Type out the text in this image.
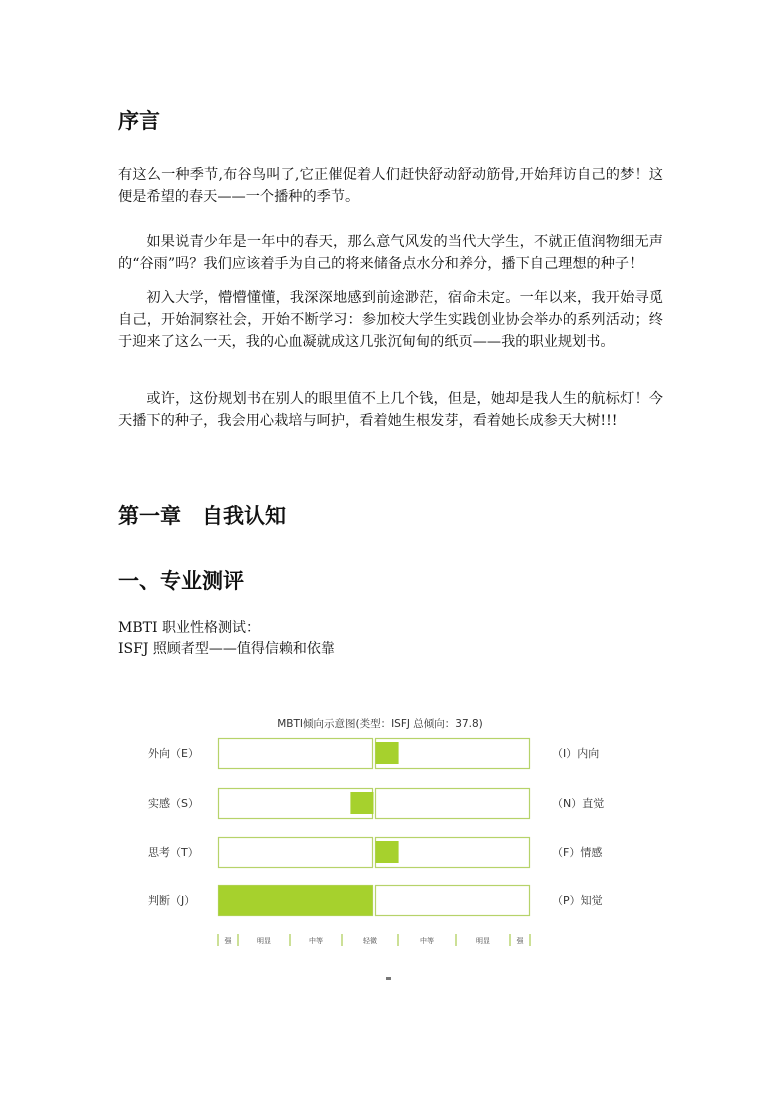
序言

有这么一种季节,布谷鸟叫了,它正催促着人们赶快舒动舒动筋骨,开始拜访自己的梦！这便是希望的春天——一个播种的季节。

如果说青少年是一年中的春天，那么意气风发的当代大学生，不就正值润物细无声的“谷雨”吗？我们应该着手为自己的将来储备点水分和养分，播下自己理想的种子！

初入大学，懵懵懂懂，我深深地感到前途渺茫，宿命未定。一年以来，我开始寻觅自己，开始洞察社会，开始不断学习：参加校大学生实践创业协会举办的系列活动；终于迎来了这么一天，我的心血凝就成这几张沉甸甸的纸页——我的职业规划书。

或许，这份规划书在别人的眼里值不上几个钱，但是，她却是我人生的航标灯！今天播下的种子，我会用心栽培与呵护，看着她生根发芽，看着她长成参天大树!!!

第一章　自我认知
一、专业测评
MBTI 职业性格测试：
ISFJ 照顾者型——值得信赖和依靠
MBTI倾向示意图(类型：ISFJ 总倾向：37.8)
外向（E）	（I）内向
实感（S）	（N）直觉
思考（T）	（F）情感
判断（J）	（P）知觉
强	明显	中等	轻微	中等	明显	强
